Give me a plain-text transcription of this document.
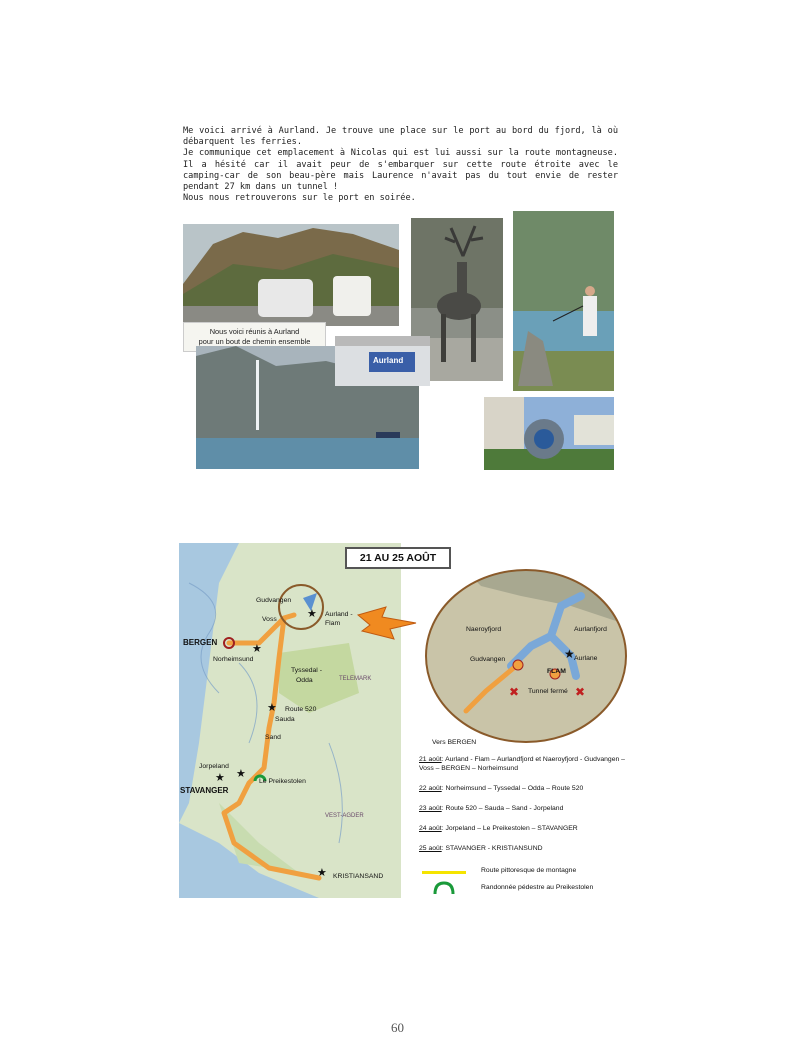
Me voici arrivé à Aurland. Je trouve une place sur le port au bord du fjord, là où débarquent les ferries.

Je communique cet emplacement à Nicolas qui est lui aussi sur la route montagneuse. Il a hésité car il avait peur de s'embarquer sur cette route étroite avec le camping-car de son beau-père mais Laurence n'avait pas du tout envie de rester pendant 27 km dans un tunnel !

Nous nous retrouverons sur le port en soirée.

Nous voici réunis à Aurland
pour un bout de chemin ensemble
Aurland
Gudvangen
Aurland -
Flam
Voss
BERGEN
Norheimsund
Tyssedal -
Odda	TELEMARK
Route 520
Sauda
Sand
Jorpeland
Le Preikestolen
STAVANGER
VEST-AGDER
KRISTIANSAND
★
★
★
★ ★
★
21 AU 25 AOÛT
★
✖	✖
Naeroyfjord	Aurlanfjord
Gudvangen	Aurlane
FLAM
Tunnel fermé
Vers BERGEN
21 août: Aurland - Flam – Aurlandfjord et Naeroyfjord - Gudvangen – Voss – BERGEN – Norheimsund
22 août: Norheimsund – Tyssedal – Odda – Route 520
23 août: Route 520 – Sauda – Sand - Jorpeland
24 août: Jorpeland – Le Preikestolen – STAVANGER
25 août: STAVANGER - KRISTIANSUND
Route pittoresque de montagne
Randonnée pédestre au Preikestolen
60
